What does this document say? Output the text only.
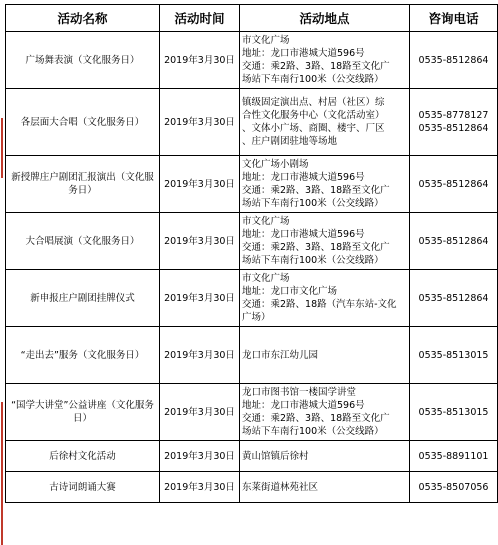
活动名称	活动时间	活动地点	咨询电话
广场舞表演（文化服务日）	2019年3月30日	市文化广场
地址：龙口市港城大道596号
交通：乘2路、3路、18路至文化广
场站下车南行100米（公交线路）	0535-8512864

各层面大合唱（文化服务日）	2019年3月30日	镇级固定演出点、村居（社区）综
合性文化服务中心（文化活动室）
、文体小广场、商圈、楼宇、厂区
、庄户剧团驻地等场地	0535-8778127
0535-8512864

新授牌庄户剧团汇报演出（文化服务日）	2019年3月30日	文化广场小剧场
地址：龙口市港城大道596号
交通：乘2路、3路、18路至文化广
场站下车南行100米（公交线路）	0535-8512864

大合唱展演（文化服务日）	2019年3月30日	市文化广场
地址：龙口市港城大道596号
交通：乘2路、3路、18路至文化广
场站下车南行100米（公交线路）	0535-8512864

新申报庄户剧团挂牌仪式	2019年3月30日	市文化广场
地址：龙口市文化广场
交通：乘2路、18路（汽车东站-文化
广场）	0535-8512864

“走出去”服务（文化服务日）	2019年3月30日	龙口市东江幼儿园	0535-8513015

“国学大讲堂”公益讲座（文化服务日）	2019年3月30日	龙口市图书馆一楼国学讲堂
地址：龙口市港城大道596号
交通：乘2路、3路、18路至文化广
场站下车南行100米（公交线路）	0535-8513015

后徐村文化活动	2019年3月30日	黄山馆镇后徐村	0535-8891101

古诗词朗诵大赛	2019年3月30日	东莱街道林苑社区	0535-8507056
